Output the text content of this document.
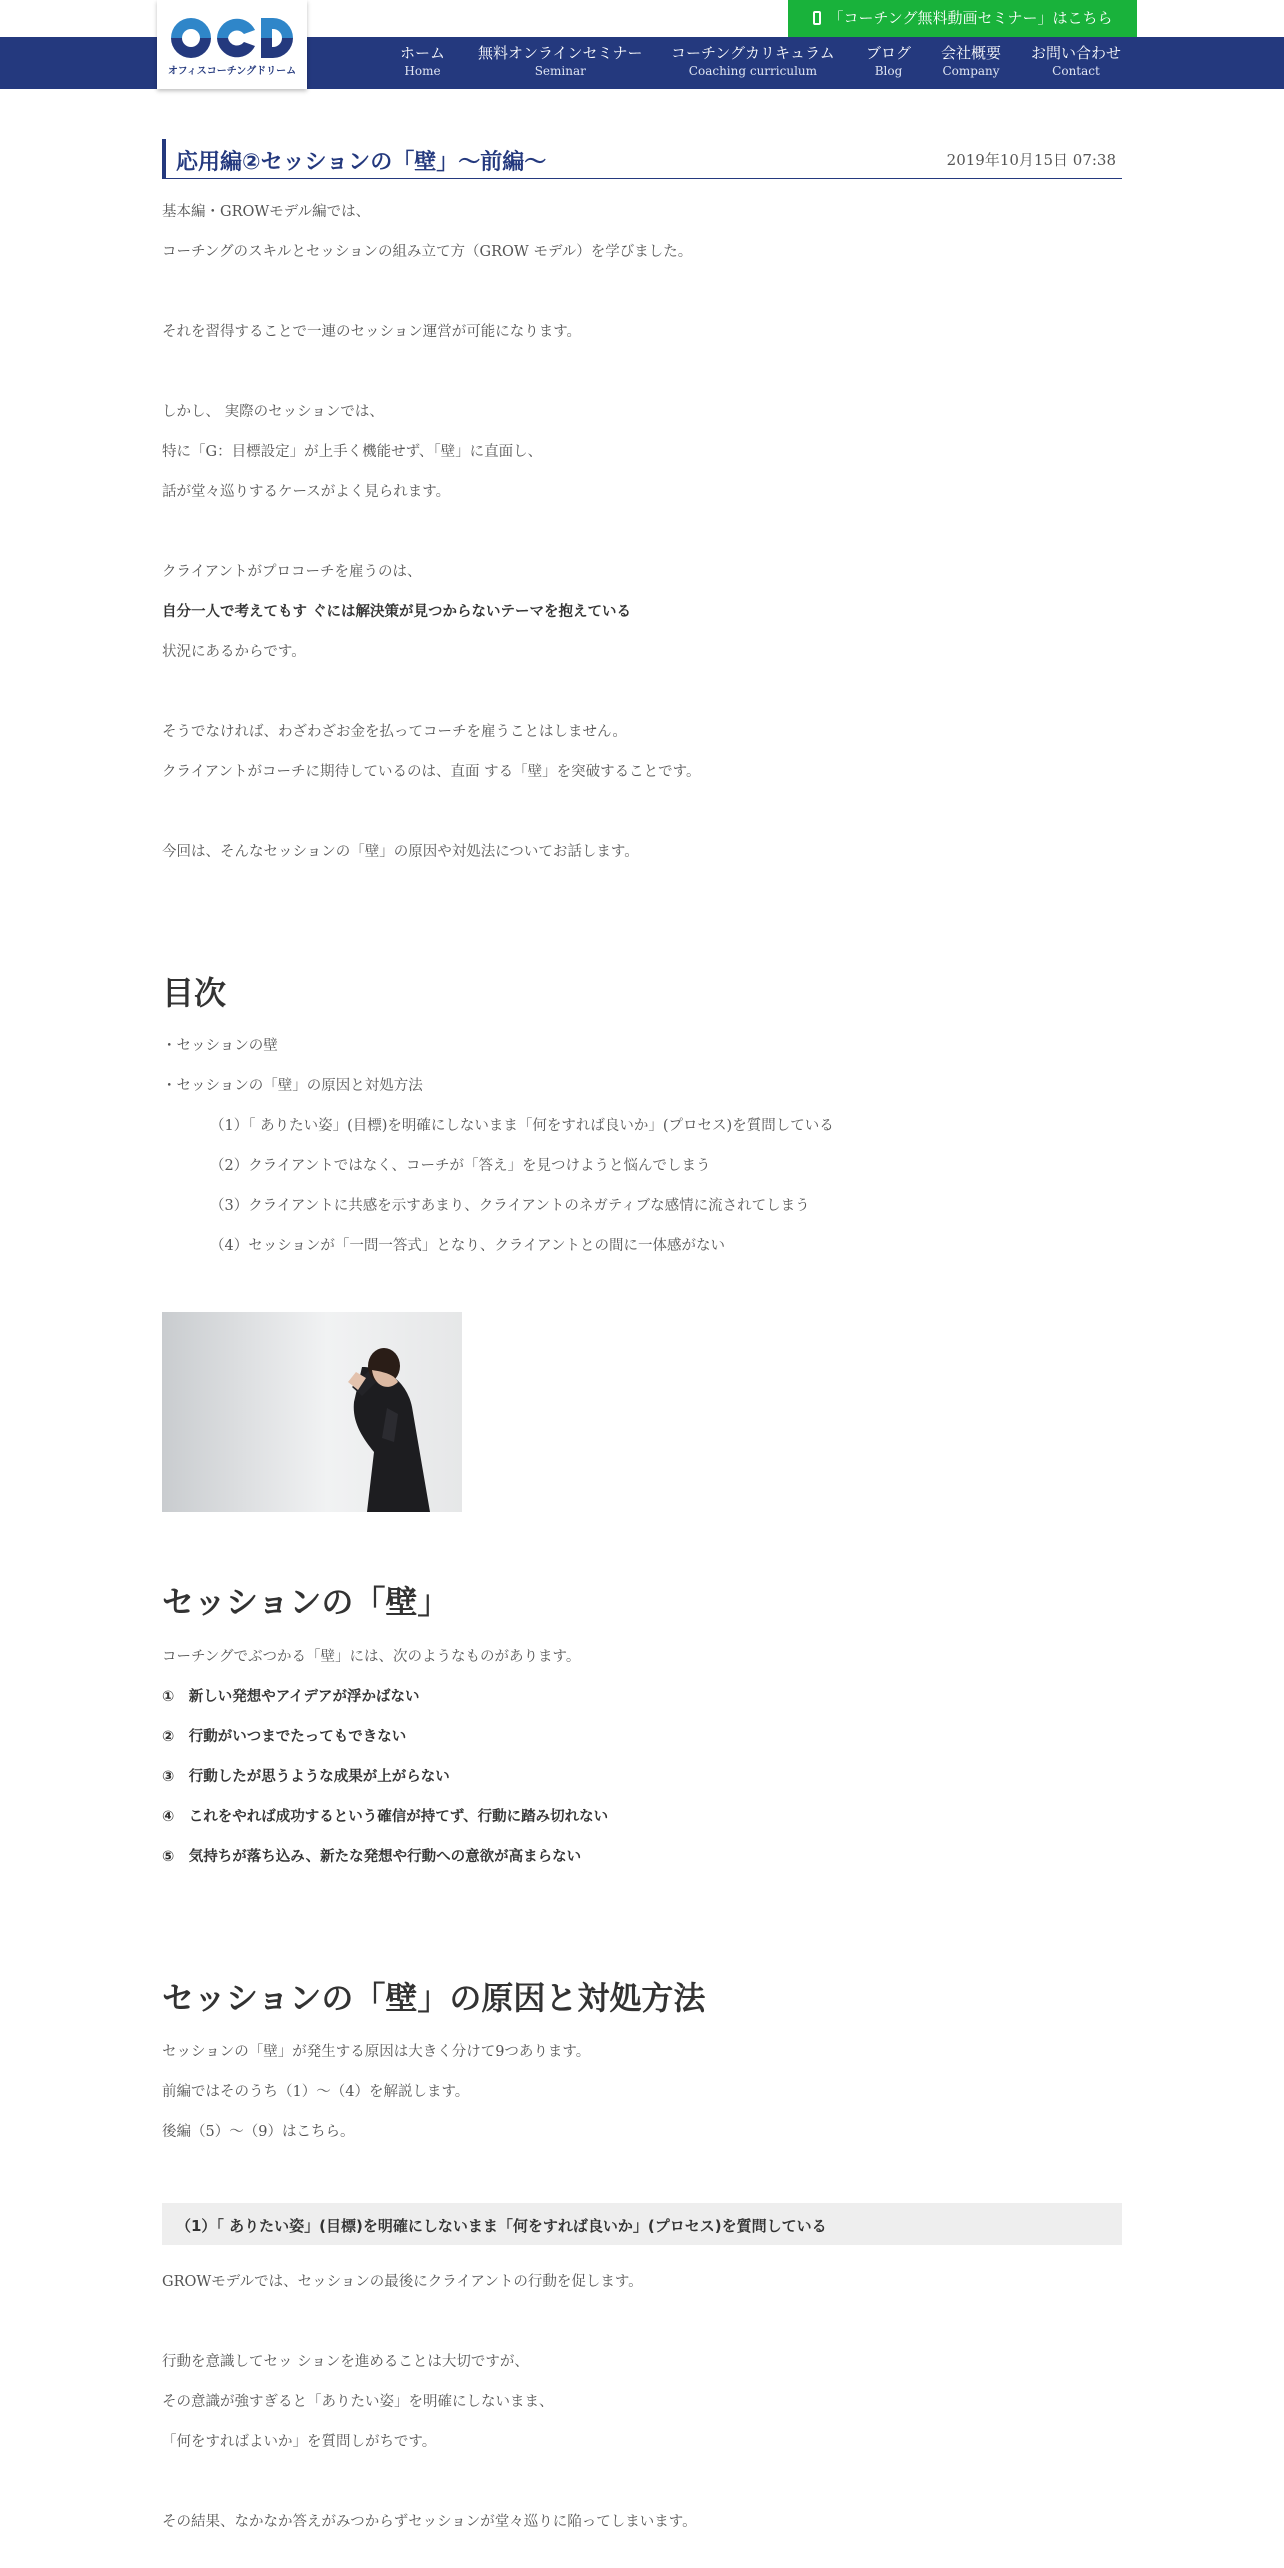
オフィスコーチングドリーム
「コーチング無料動画セミナー」はこちら
ホーム
Home
無料オンラインセミナー
Seminar
コーチングカリキュラム
Coaching curriculum
ブログ
Blog
会社概要
Company
お問い合わせ
Contact
応用編②セッションの「壁」〜前編〜	2019年10月15日 07:38
基本編・GROWモデル編では、
コーチングのスキルとセッションの組み立て方（GROW モデル）を学びました。
それを習得することで一連のセッション運営が可能になります。
しかし、 実際のセッションでは、
特に「G：目標設定」が上手く機能せず、「壁」に直面し、
話が堂々巡りするケースがよく見られます。
クライアントがプロコーチを雇うのは、
自分一人で考えてもす ぐには解決策が見つからないテーマを抱えている
状況にあるからです。
そうでなければ、わざわざお金を払ってコーチを雇うことはしません。
クライアントがコーチに期待しているのは、直面 する「壁」を突破することです。
今回は、そんなセッションの「壁」の原因や対処法についてお話します。
目次
・セッションの壁
・セッションの「壁」の原因と対処方法
（1）「 ありたい姿」(目標)を明確にしないまま「何をすれば良いか」(プロセス)を質問している
（2）クライアントではなく、コーチが「答え」を見つけようと悩んでしまう
（3）クライアントに共感を示すあまり、クライアントのネガティブな感情に流されてしまう
（4）セッションが「一問一答式」となり、クライアントとの間に一体感がない
セッションの「壁」
コーチングでぶつかる「壁」には、次のようなものがあります。
①　新しい発想やアイデアが浮かばない
②　行動がいつまでたってもできない
③　行動したが思うような成果が上がらない
④　これをやれば成功するという確信が持てず、行動に踏み切れない
⑤　気持ちが落ち込み、新たな発想や行動への意欲が高まらない
セッションの「壁」の原因と対処方法
セッションの「壁」が発生する原因は大きく分けて9つあります。
前編ではそのうち（1）〜（4）を解説します。
後編（5）〜（9）はこちら。
（1）「 ありたい姿」(目標)を明確にしないまま「何をすれば良いか」(プロセス)を質問している
GROWモデルでは、セッションの最後にクライアントの行動を促します。
行動を意識してセッ ションを進めることは大切ですが、
その意識が強すぎると「ありたい姿」を明確にしないまま、
「何をすればよいか」を質問しがちです。
その結果、なかなか答えがみつからずセッションが堂々巡りに陥ってしまいます。
